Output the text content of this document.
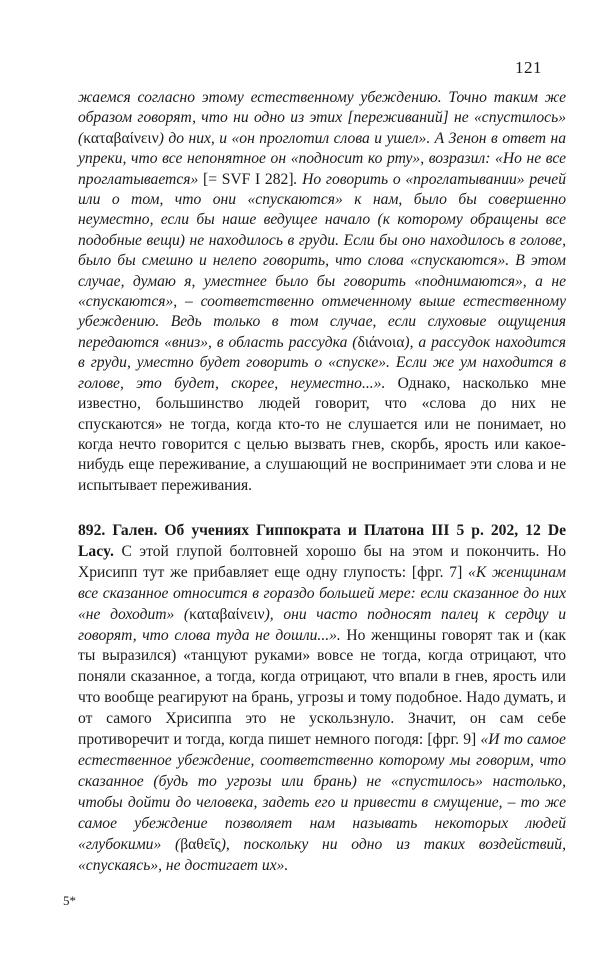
121

жаемся согласно этому естественному убеждению. Точно таким же образом говорят, что ни одно из этих [переживаний] не «спустилось» (καταβαίνειν) до них, и «он проглотил слова и ушел». А Зенон в ответ на упреки, что все непонятное он «подносит ко рту», возразил: «Но не все проглатывается» [= SVF I 282]. Но говорить о «проглатывании» речей или о том, что они «спускаются» к нам, было бы совершенно неуместно, если бы наше ведущее начало (к которому обращены все подобные вещи) не находилось в груди. Если бы оно находилось в голове, было бы смешно и нелепо говорить, что слова «спускаются». В этом случае, думаю я, уместнее было бы говорить «поднимаются», а не «спускаются», – соответственно отмеченному выше естественному убеждению. Ведь только в том случае, если слуховые ощущения передаются «вниз», в область рассудка (διάνοια), а рассудок находится в груди, уместно будет говорить о «спуске». Если же ум находится в голове, это будет, скорее, неуместно...». Однако, насколько мне известно, большинство людей говорит, что «слова до них не спускаются» не тогда, когда кто-то не слушается или не понимает, но когда нечто говорится с целью вызвать гнев, скорбь, ярость или какое-нибудь еще переживание, а слушающий не воспринимает эти слова и не испытывает переживания.

892. Гален. Об учениях Гиппократа и Платона III 5 р. 202, 12 De Lacy. С этой глупой болтовней хорошо бы на этом и покончить. Но Хрисипп тут же прибавляет еще одну глупость: [фрг. 7] «К женщинам все сказанное относится в гораздо большей мере: если сказанное до них «не доходит» (καταβαίνειν), они часто подносят палец к сердцу и говорят, что слова туда не дошли...». Но женщины говорят так и (как ты выразился) «танцуют руками» вовсе не тогда, когда отрицают, что поняли сказанное, а тогда, когда отрицают, что впали в гнев, ярость или что вообще реагируют на брань, угрозы и тому подобное. Надо думать, и от самого Хрисиппа это не ускользнуло. Значит, он сам себе противоречит и тогда, когда пишет немного погодя: [фрг. 9] «И то самое естественное убеждение, соответственно которому мы говорим, что сказанное (будь то угрозы или брань) не «спустилось» настолько, чтобы дойти до человека, задеть его и привести в смущение, – то же самое убеждение позволяет нам называть некоторых людей «глубокими» (βαθεῖς), поскольку ни одно из таких воздействий, «спускаясь», не достигает их».

5*
